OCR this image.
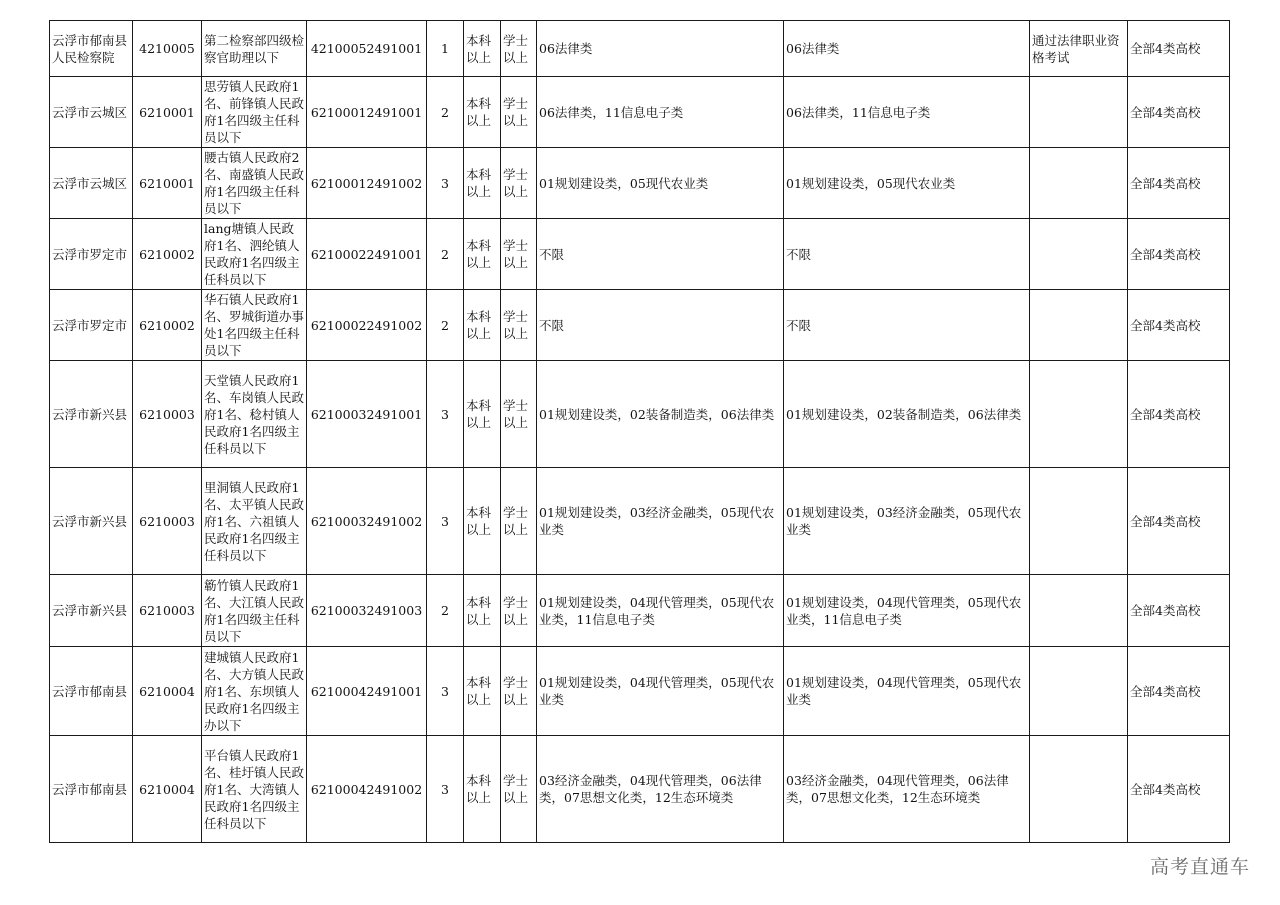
云浮市郁南县人民检察院	4210005	第二检察部四级检察官助理以下	42100052491001	1	本科以上	学士以上	06法律类	06法律类	通过法律职业资格考试	全部4类高校
云浮市云城区	6210001	思劳镇人民政府1名、前锋镇人民政府1名四级主任科员以下	62100012491001	2	本科以上	学士以上	06法律类，11信息电子类	06法律类，11信息电子类		全部4类高校
云浮市云城区	6210001	腰古镇人民政府2名、南盛镇人民政府1名四级主任科员以下	62100012491002	3	本科以上	学士以上	01规划建设类，05现代农业类	01规划建设类，05现代农业类		全部4类高校
云浮市罗定市	6210002	lang塘镇人民政府1名、泗纶镇人民政府1名四级主任科员以下	62100022491001	2	本科以上	学士以上	不限	不限		全部4类高校
云浮市罗定市	6210002	华石镇人民政府1名、罗城街道办事处1名四级主任科员以下	62100022491002	2	本科以上	学士以上	不限	不限		全部4类高校
云浮市新兴县	6210003	天堂镇人民政府1名、车岗镇人民政府1名、稔村镇人民政府1名四级主任科员以下	62100032491001	3	本科以上	学士以上	01规划建设类，02装备制造类，06法律类	01规划建设类，02装备制造类，06法律类		全部4类高校
云浮市新兴县	6210003	里洞镇人民政府1名、太平镇人民政府1名、六祖镇人民政府1名四级主任科员以下	62100032491002	3	本科以上	学士以上	01规划建设类，03经济金融类，05现代农业类	01规划建设类，03经济金融类，05现代农业类		全部4类高校
云浮市新兴县	6210003	簕竹镇人民政府1名、大江镇人民政府1名四级主任科员以下	62100032491003	2	本科以上	学士以上	01规划建设类，04现代管理类，05现代农业类，11信息电子类	01规划建设类，04现代管理类，05现代农业类，11信息电子类		全部4类高校
云浮市郁南县	6210004	建城镇人民政府1名、大方镇人民政府1名、东坝镇人民政府1名四级主办以下	62100042491001	3	本科以上	学士以上	01规划建设类，04现代管理类，05现代农业类	01规划建设类，04现代管理类，05现代农业类		全部4类高校
云浮市郁南县	6210004	平台镇人民政府1名、桂圩镇人民政府1名、大湾镇人民政府1名四级主任科员以下	62100042491002	3	本科以上	学士以上	03经济金融类，04现代管理类，06法律类，07思想文化类，12生态环境类	03经济金融类，04现代管理类，06法律类，07思想文化类，12生态环境类		全部4类高校
高考直通车
